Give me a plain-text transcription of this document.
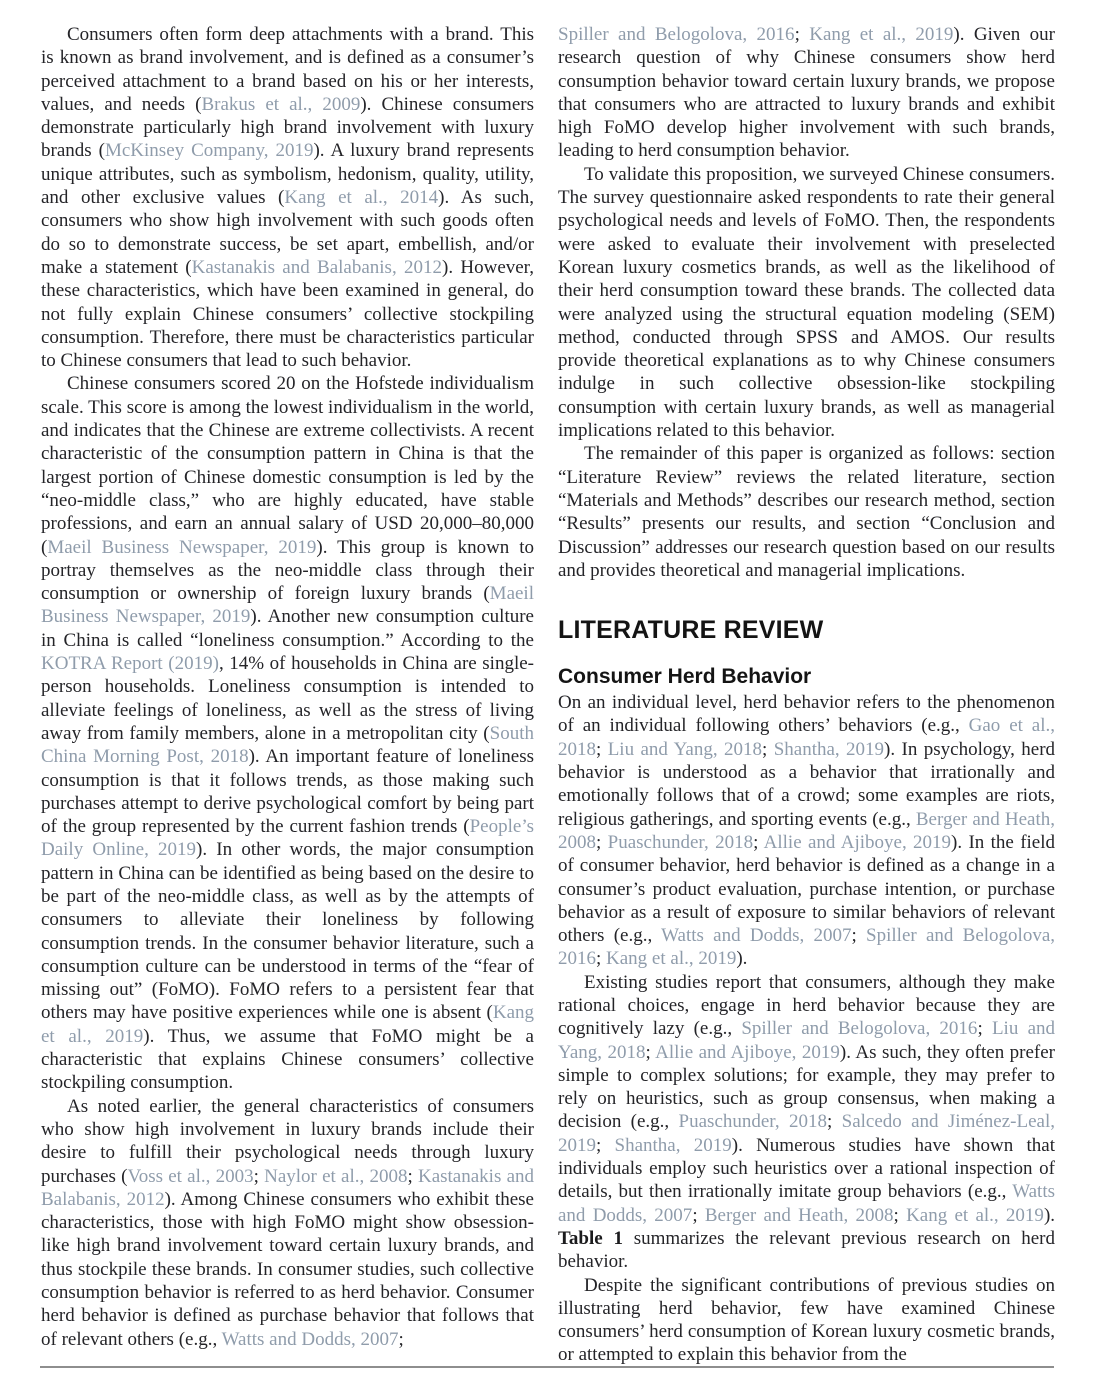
Consumers often form deep attachments with a brand. This is known as brand involvement, and is defined as a consumer’s perceived attachment to a brand based on his or her interests, values, and needs (Brakus et al., 2009). Chinese consumers demonstrate particularly high brand involvement with luxury brands (McKinsey Company, 2019). A luxury brand represents unique attributes, such as symbolism, hedonism, quality, utility, and other exclusive values (Kang et al., 2014). As such, consumers who show high involvement with such goods often do so to demonstrate success, be set apart, embellish, and/or make a statement (Kastanakis and Balabanis, 2012). However, these characteristics, which have been examined in general, do not fully explain Chinese consumers’ collective stockpiling consumption. Therefore, there must be characteristics particular to Chinese consumers that lead to such behavior.

Chinese consumers scored 20 on the Hofstede individualism scale. This score is among the lowest individualism in the world, and indicates that the Chinese are extreme collectivists. A recent characteristic of the consumption pattern in China is that the largest portion of Chinese domestic consumption is led by the “neo-middle class,” who are highly educated, have stable professions, and earn an annual salary of USD 20,000–80,000 (Maeil Business Newspaper, 2019). This group is known to portray themselves as the neo-middle class through their consumption or ownership of foreign luxury brands (Maeil Business Newspaper, 2019). Another new consumption culture in China is called “loneliness consumption.” According to the KOTRA Report (2019), 14% of households in China are single-person households. Loneliness consumption is intended to alleviate feelings of loneliness, as well as the stress of living away from family members, alone in a metropolitan city (South China Morning Post, 2018). An important feature of loneliness consumption is that it follows trends, as those making such purchases attempt to derive psychological comfort by being part of the group represented by the current fashion trends (People’s Daily Online, 2019). In other words, the major consumption pattern in China can be identified as being based on the desire to be part of the neo-middle class, as well as by the attempts of consumers to alleviate their loneliness by following consumption trends. In the consumer behavior literature, such a consumption culture can be understood in terms of the “fear of missing out” (FoMO). FoMO refers to a persistent fear that others may have positive experiences while one is absent (Kang et al., 2019). Thus, we assume that FoMO might be a characteristic that explains Chinese consumers’ collective stockpiling consumption.

As noted earlier, the general characteristics of consumers who show high involvement in luxury brands include their desire to fulfill their psychological needs through luxury purchases (Voss et al., 2003; Naylor et al., 2008; Kastanakis and Balabanis, 2012). Among Chinese consumers who exhibit these characteristics, those with high FoMO might show obsession-like high brand involvement toward certain luxury brands, and thus stockpile these brands. In consumer studies, such collective consumption behavior is referred to as herd behavior. Consumer herd behavior is defined as purchase behavior that follows that of relevant others (e.g., Watts and Dodds, 2007;

Spiller and Belogolova, 2016; Kang et al., 2019). Given our research question of why Chinese consumers show herd consumption behavior toward certain luxury brands, we propose that consumers who are attracted to luxury brands and exhibit high FoMO develop higher involvement with such brands, leading to herd consumption behavior.

To validate this proposition, we surveyed Chinese consumers. The survey questionnaire asked respondents to rate their general psychological needs and levels of FoMO. Then, the respondents were asked to evaluate their involvement with preselected Korean luxury cosmetics brands, as well as the likelihood of their herd consumption toward these brands. The collected data were analyzed using the structural equation modeling (SEM) method, conducted through SPSS and AMOS. Our results provide theoretical explanations as to why Chinese consumers indulge in such collective obsession-like stockpiling consumption with certain luxury brands, as well as managerial implications related to this behavior.

The remainder of this paper is organized as follows: section “Literature Review” reviews the related literature, section “Materials and Methods” describes our research method, section “Results” presents our results, and section “Conclusion and Discussion” addresses our research question based on our results and provides theoretical and managerial implications.

LITERATURE REVIEW
Consumer Herd Behavior

On an individual level, herd behavior refers to the phenomenon of an individual following others’ behaviors (e.g., Gao et al., 2018; Liu and Yang, 2018; Shantha, 2019). In psychology, herd behavior is understood as a behavior that irrationally and emotionally follows that of a crowd; some examples are riots, religious gatherings, and sporting events (e.g., Berger and Heath, 2008; Puaschunder, 2018; Allie and Ajiboye, 2019). In the field of consumer behavior, herd behavior is defined as a change in a consumer’s product evaluation, purchase intention, or purchase behavior as a result of exposure to similar behaviors of relevant others (e.g., Watts and Dodds, 2007; Spiller and Belogolova, 2016; Kang et al., 2019).

Existing studies report that consumers, although they make rational choices, engage in herd behavior because they are cognitively lazy (e.g., Spiller and Belogolova, 2016; Liu and Yang, 2018; Allie and Ajiboye, 2019). As such, they often prefer simple to complex solutions; for example, they may prefer to rely on heuristics, such as group consensus, when making a decision (e.g., Puaschunder, 2018; Salcedo and Jiménez-Leal, 2019; Shantha, 2019). Numerous studies have shown that individuals employ such heuristics over a rational inspection of details, but then irrationally imitate group behaviors (e.g., Watts and Dodds, 2007; Berger and Heath, 2008; Kang et al., 2019). Table 1 summarizes the relevant previous research on herd behavior.

Despite the significant contributions of previous studies on illustrating herd behavior, few have examined Chinese consumers’ herd consumption of Korean luxury cosmetic brands, or attempted to explain this behavior from the
